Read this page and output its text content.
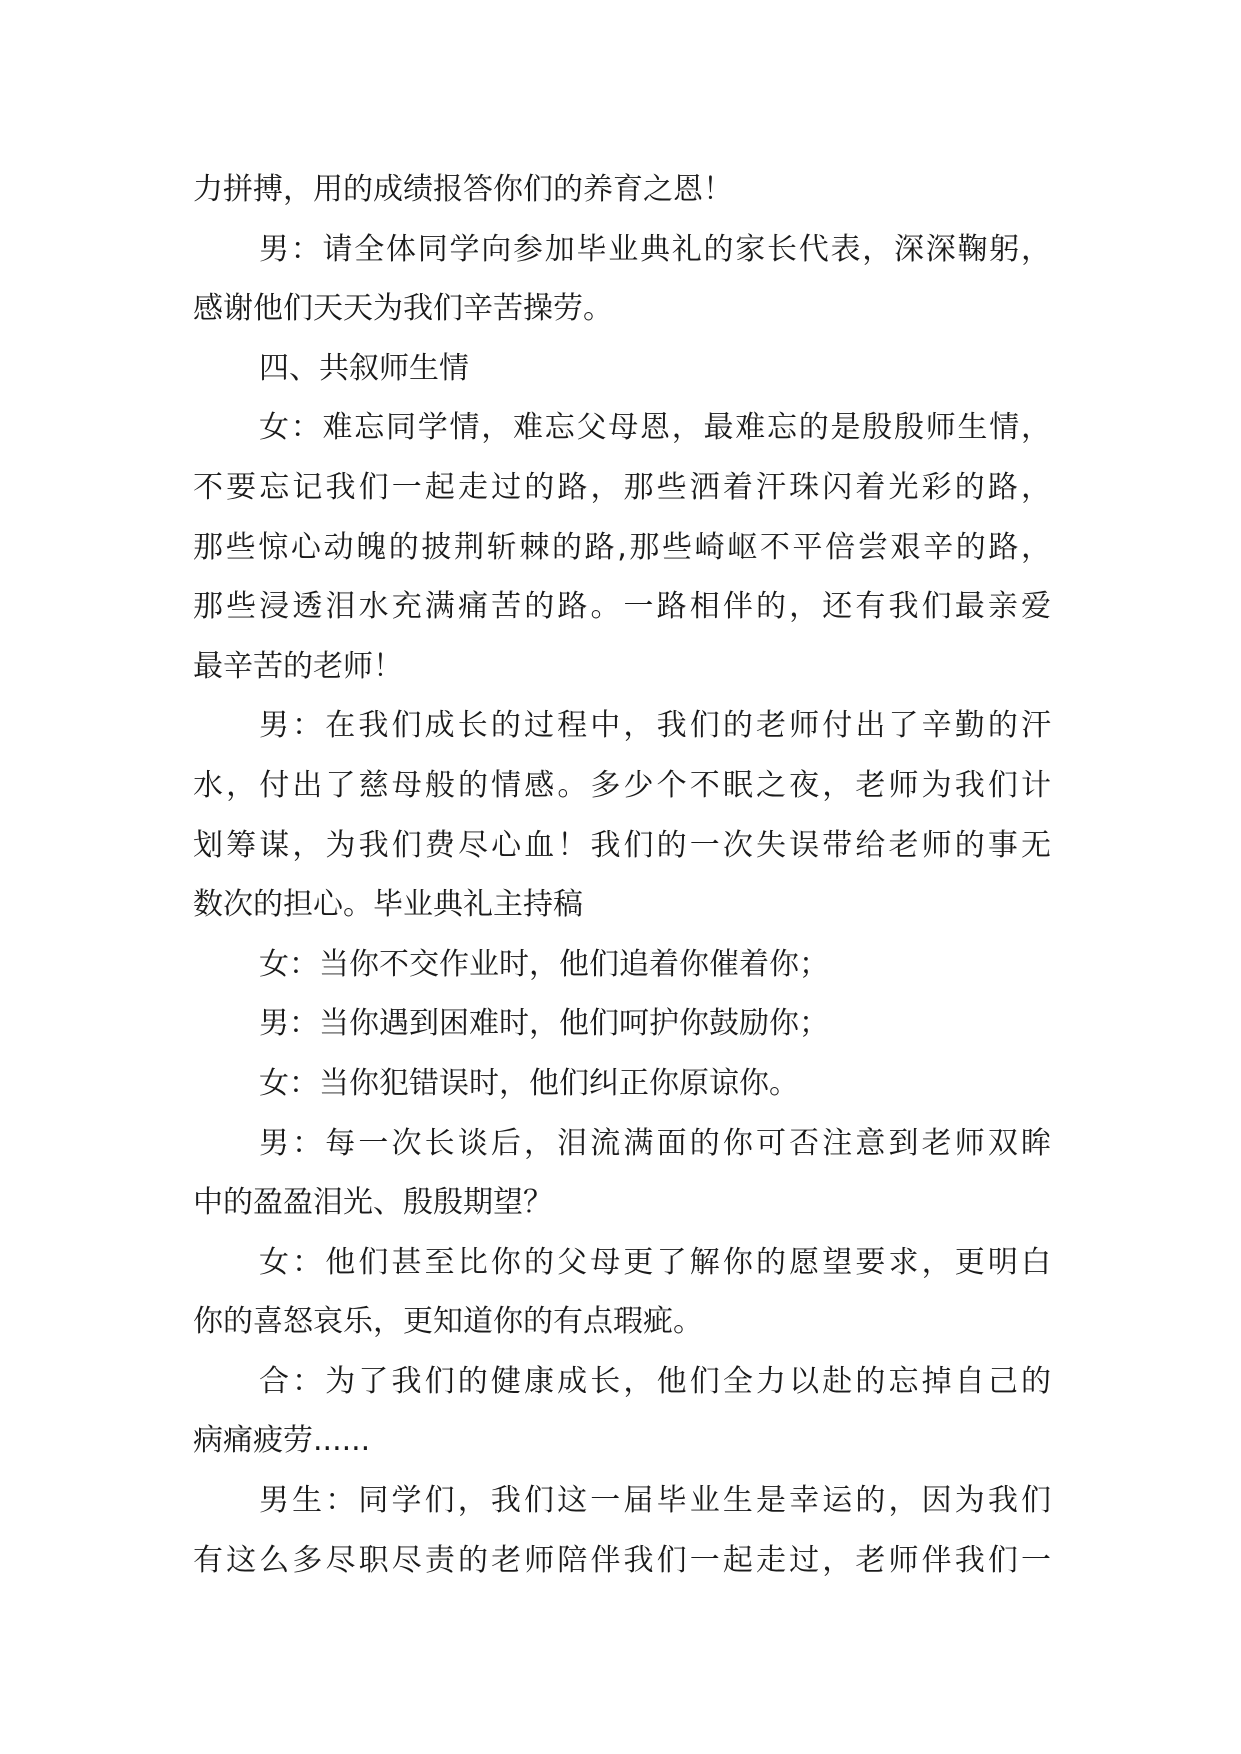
力拼搏，用的成绩报答你们的养育之恩！
男：请全体同学向参加毕业典礼的家长代表，深深鞠躬，
感谢他们天天为我们辛苦操劳。
四、共叙师生情
女：难忘同学情，难忘父母恩，最难忘的是殷殷师生情，
不要忘记我们一起走过的路，那些洒着汗珠闪着光彩的路，
那些惊心动魄的披荆斩棘的路,那些崎岖不平倍尝艰辛的路，
那些浸透泪水充满痛苦的路。一路相伴的，还有我们最亲爱
最辛苦的老师！
男：在我们成长的过程中，我们的老师付出了辛勤的汗
水，付出了慈母般的情感。多少个不眠之夜，老师为我们计
划筹谋，为我们费尽心血！我们的一次失误带给老师的事无
数次的担心。毕业典礼主持稿
女：当你不交作业时，他们追着你催着你；
男：当你遇到困难时，他们呵护你鼓励你；
女：当你犯错误时，他们纠正你原谅你。
男：每一次长谈后，泪流满面的你可否注意到老师双眸
中的盈盈泪光、殷殷期望？
女：他们甚至比你的父母更了解你的愿望要求，更明白
你的喜怒哀乐，更知道你的有点瑕疵。
合：为了我们的健康成长，他们全力以赴的忘掉自己的
病痛疲劳......
男生：同学们，我们这一届毕业生是幸运的，因为我们
有这么多尽职尽责的老师陪伴我们一起走过，老师伴我们一
